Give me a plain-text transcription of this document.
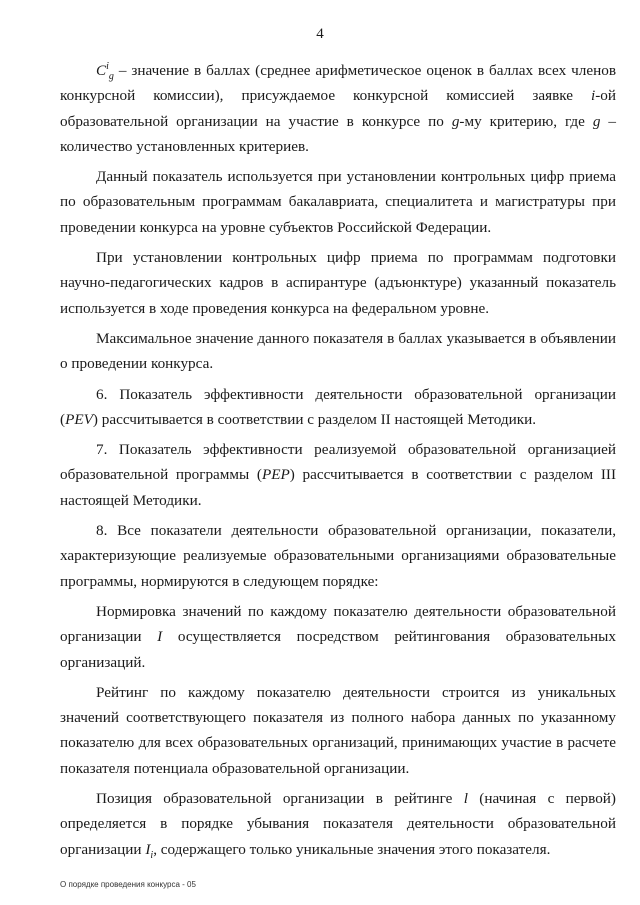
4

$C^i_g$ – значение в баллах (среднее арифметическое оценок в баллах всех членов конкурсной комиссии), присуждаемое конкурсной комиссией заявке i-ой образовательной организации на участие в конкурсе по g-му критерию, где g – количество установленных критериев.

Данный показатель используется при установлении контрольных цифр приема по образовательным программам бакалавриата, специалитета и магистратуры при проведении конкурса на уровне субъектов Российской Федерации.

При установлении контрольных цифр приема по программам подготовки научно-педагогических кадров в аспирантуре (адъюнктуре) указанный показатель используется в ходе проведения конкурса на федеральном уровне.

Максимальное значение данного показателя в баллах указывается в объявлении о проведении конкурса.

6. Показатель эффективности деятельности образовательной организации (PEV) рассчитывается в соответствии с разделом II настоящей Методики.

7. Показатель эффективности реализуемой образовательной организацией образовательной программы (PEP) рассчитывается в соответствии с разделом III настоящей Методики.

8. Все показатели деятельности образовательной организации, показатели, характеризующие реализуемые образовательными организациями образовательные программы, нормируются в следующем порядке:

Нормировка значений по каждому показателю деятельности образовательной организации I осуществляется посредством рейтингования образовательных организаций.

Рейтинг по каждому показателю деятельности строится из уникальных значений соответствующего показателя из полного набора данных по указанному показателю для всех образовательных организаций, принимающих участие в расчете показателя потенциала образовательной организации.

Позиция образовательной организации в рейтинге l (начиная с первой) определяется в порядке убывания показателя деятельности образовательной организации $I_i$, содержащего только уникальные значения этого показателя.

О порядке проведения конкурса - 05
